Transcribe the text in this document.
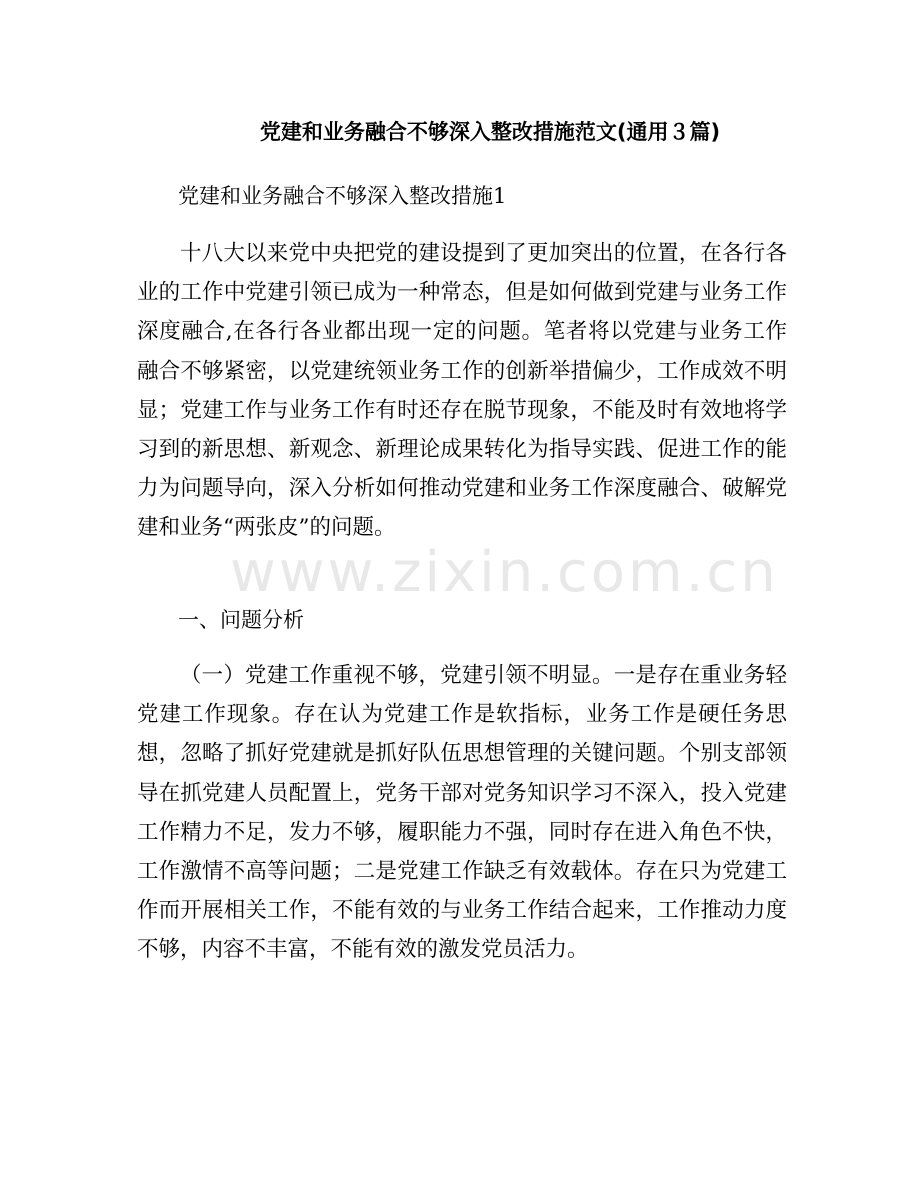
党建和业务融合不够深入整改措施范文(通用３篇)
党建和业务融合不够深入整改措施1

十八大以来党中央把党的建设提到了更加突出的位置，在各行各业的工作中党建引领已成为一种常态，但是如何做到党建与业务工作深度融合,在各行各业都出现一定的问题。笔者将以党建与业务工作融合不够紧密，以党建统领业务工作的创新举措偏少，工作成效不明显；党建工作与业务工作有时还存在脱节现象，不能及时有效地将学习到的新思想、新观念、新理论成果转化为指导实践、促进工作的能力为问题导向，深入分析如何推动党建和业务工作深度融合、破解党建和业务“两张皮”的问题。

一、问题分析

（一）党建工作重视不够，党建引领不明显。一是存在重业务轻党建工作现象。存在认为党建工作是软指标，业务工作是硬任务思想，忽略了抓好党建就是抓好队伍思想管理的关键问题。个别支部领导在抓党建人员配置上，党务干部对党务知识学习不深入，投入党建工作精力不足，发力不够，履职能力不强，同时存在进入角色不快，工作激情不高等问题；二是党建工作缺乏有效载体。存在只为党建工作而开展相关工作，不能有效的与业务工作结合起来，工作推动力度不够，内容不丰富，不能有效的激发党员活力。

www.zixin.com.cn
